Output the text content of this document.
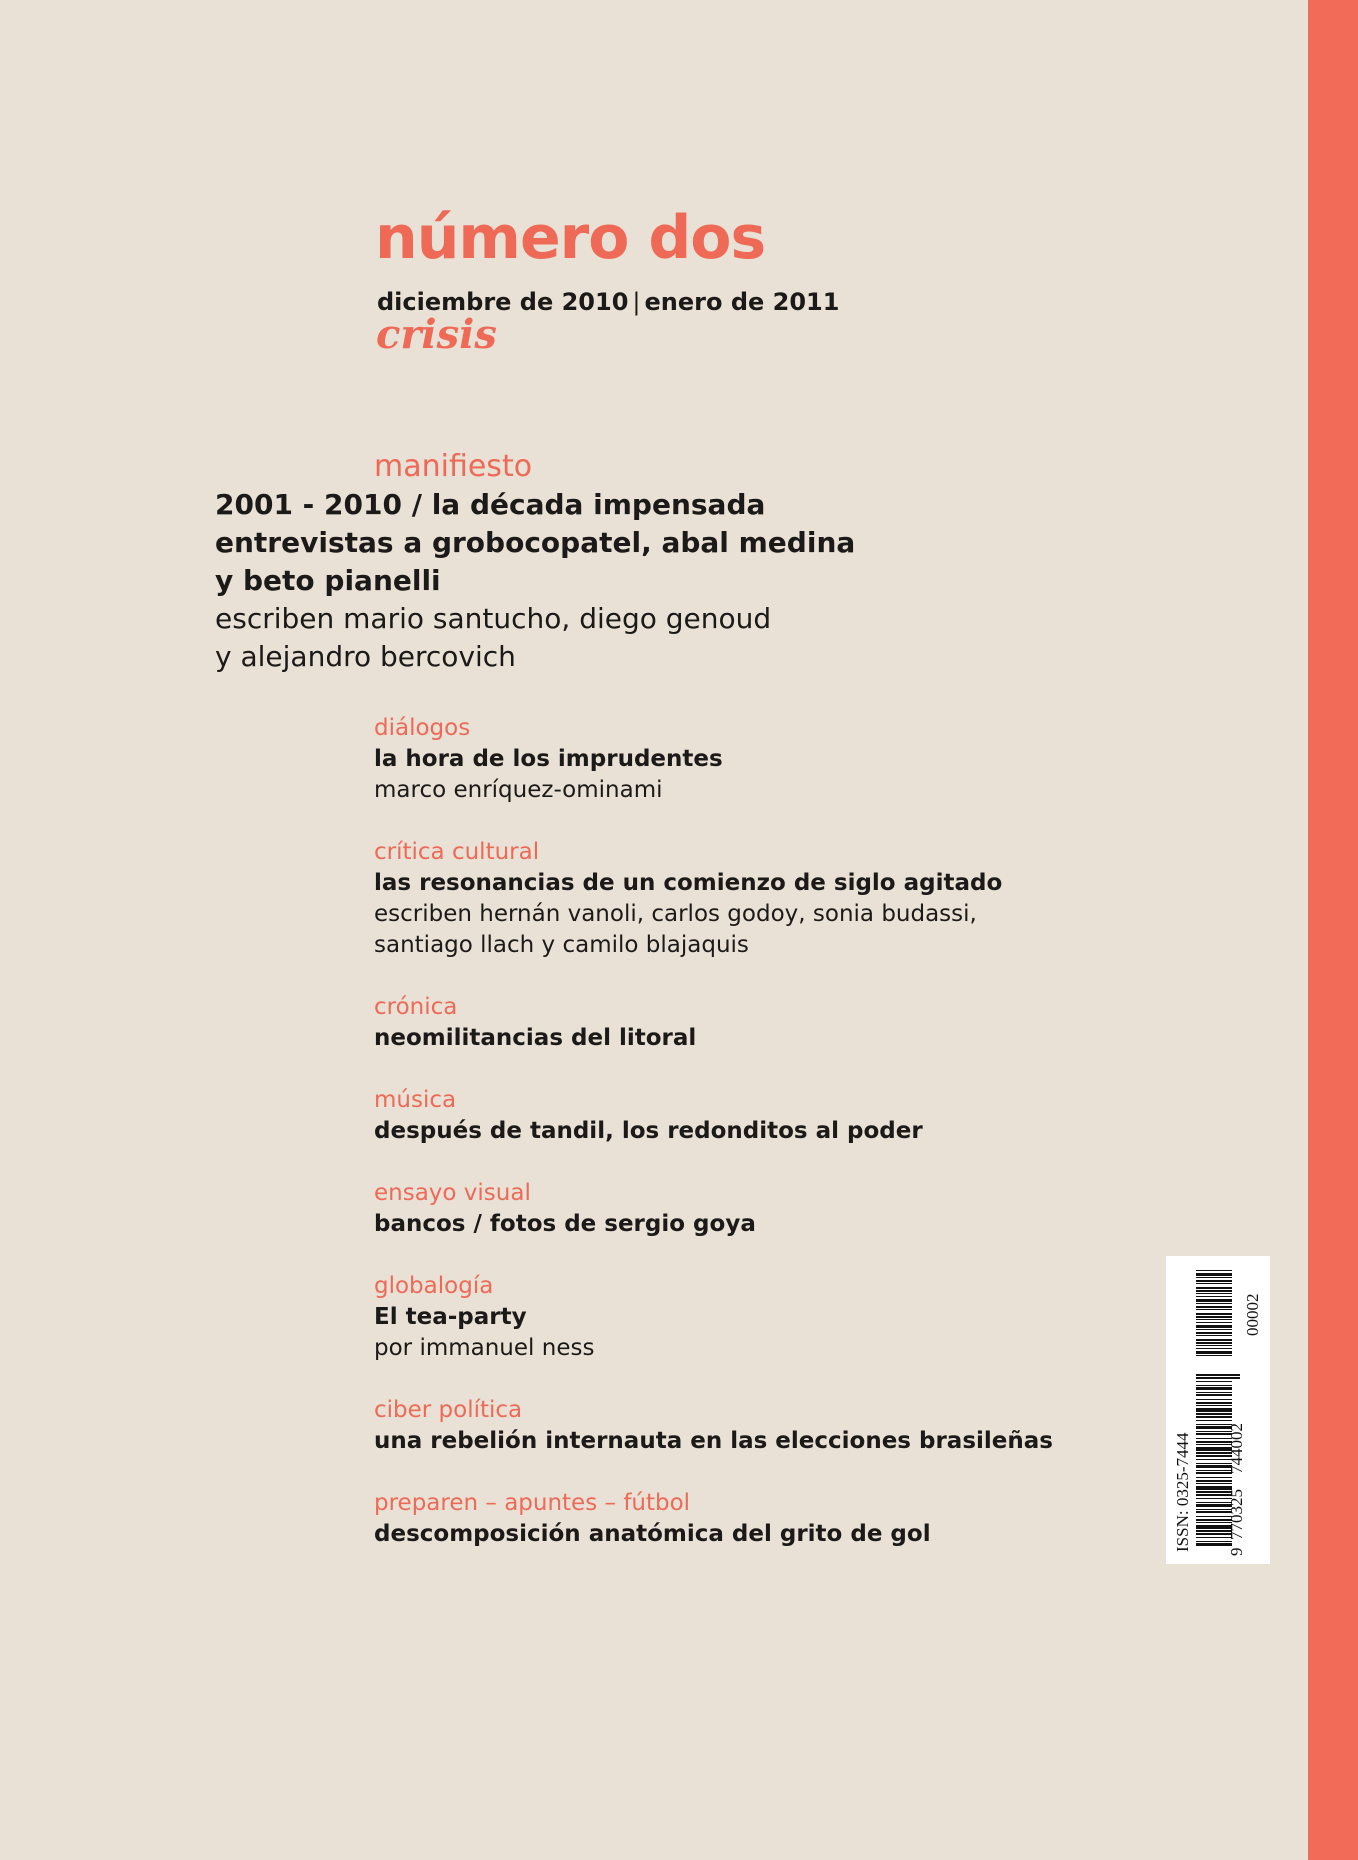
número dos
diciembre de 2010 | enero de 2011
crisis
manifiesto
2001 - 2010 / la década impensada
entrevistas a grobocopatel, abal medina
y beto pianelli
escriben mario santucho, diego genoud
y alejandro bercovich
diálogos
la hora de los imprudentes
marco enríquez-ominami
crítica cultural
las resonancias de un comienzo de siglo agitado
escriben hernán vanoli, carlos godoy, sonia budassi,
santiago llach y camilo blajaquis
crónica
neomilitancias del litoral
música
después de tandil, los redonditos al poder
ensayo visual
bancos / fotos de sergio goya
globalogía
El tea-party
por immanuel ness
ciber política
una rebelión internauta en las elecciones brasileñas
preparen – apuntes – fútbol
descomposición anatómica del grito de gol	ISSN: 0325-7444 9
770325
744002
00002
